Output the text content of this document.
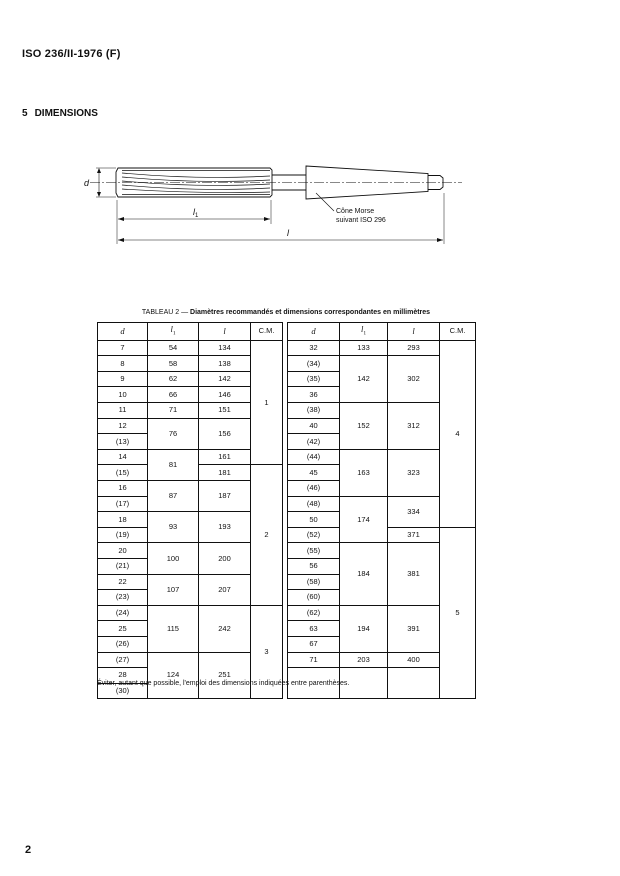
ISO 236/II-1976 (F)
5 DIMENSIONS
d
$l_1$
l
Cône Morse
suivant ISO 296
TABLEAU 2 — Diamètres recommandés et dimensions correspondantes en millimètres
d	$l_1$	l	C.M.		d	$l_1$	l	C.M.	
7	54	134	1		32	133	293	4	
8	58	138			(34)	142	302		
9	62	142			(35)				
10	66	146			36				
11	71	151			(38)	152	312		
12	76	156			40				
(13)					(42)				
14	81	161			(44)	163	323		
(15)		181	2		45				
16	87	187			(46)				
(17)					(48)	174	334		
18	93	193			50				
(19)					(52)		371	5	
20	100	200			(55)	184	381		
(21)					56				
22	107	207			(58)				
(23)					(60)				
(24)	115	242	3		(62)	194	391		
25					63				
(26)					67				
(27)	124	251			71	203	400		
28									
(30)									
Éviter, autant que possible, l'emploi des dimensions indiquées entre parenthèses.
2
